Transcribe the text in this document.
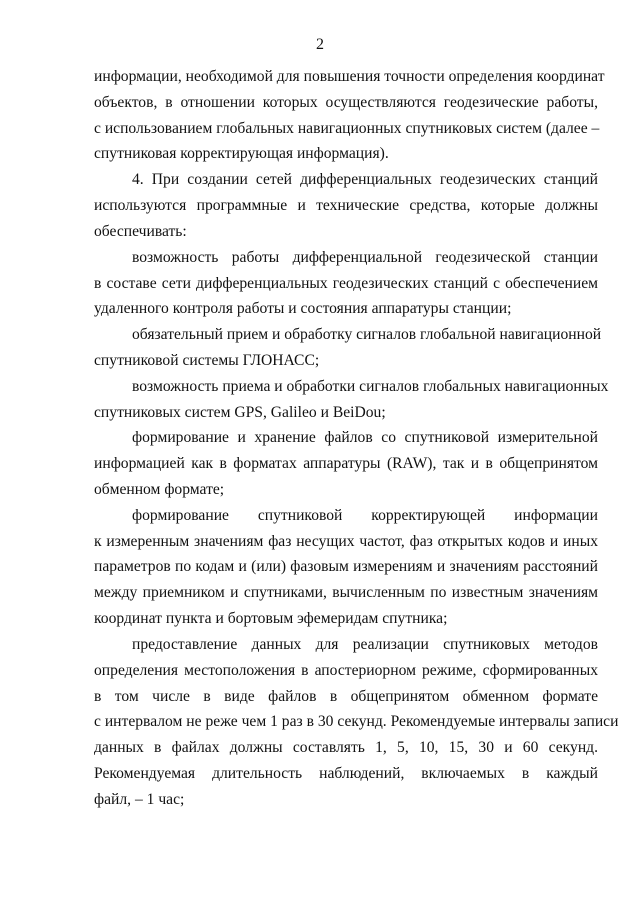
2
информации, необходимой для повышения точности определения координат
объектов, в отношении которых осуществляются геодезические работы,
с использованием глобальных навигационных спутниковых систем (далее –
спутниковая корректирующая информация).
4. При создании сетей дифференциальных геодезических станций
используются программные и технические средства, которые должны
обеспечивать:
возможность работы дифференциальной геодезической станции
в составе сети дифференциальных геодезических станций с обеспечением
удаленного контроля работы и состояния аппаратуры станции;
обязательный прием и обработку сигналов глобальной навигационной
спутниковой системы ГЛОНАСС;
возможность приема и обработки сигналов глобальных навигационных
спутниковых систем GPS, Galileo и BeiDou;
формирование и хранение файлов со спутниковой измерительной
информацией как в форматах аппаратуры (RAW), так и в общепринятом
обменном формате;
формирование спутниковой корректирующей информации
к измеренным значениям фаз несущих частот, фаз открытых кодов и иных
параметров по кодам и (или) фазовым измерениям и значениям расстояний
между приемником и спутниками, вычисленным по известным значениям
координат пункта и бортовым эфемеридам спутника;
предоставление данных для реализации спутниковых методов
определения местоположения в апостериорном режиме, сформированных
в том числе в виде файлов в общепринятом обменном формате
с интервалом не реже чем 1 раз в 30 секунд. Рекомендуемые интервалы записи
данных в файлах должны составлять 1, 5, 10, 15, 30 и 60 секунд.
Рекомендуемая длительность наблюдений, включаемых в каждый
файл, – 1 час;
